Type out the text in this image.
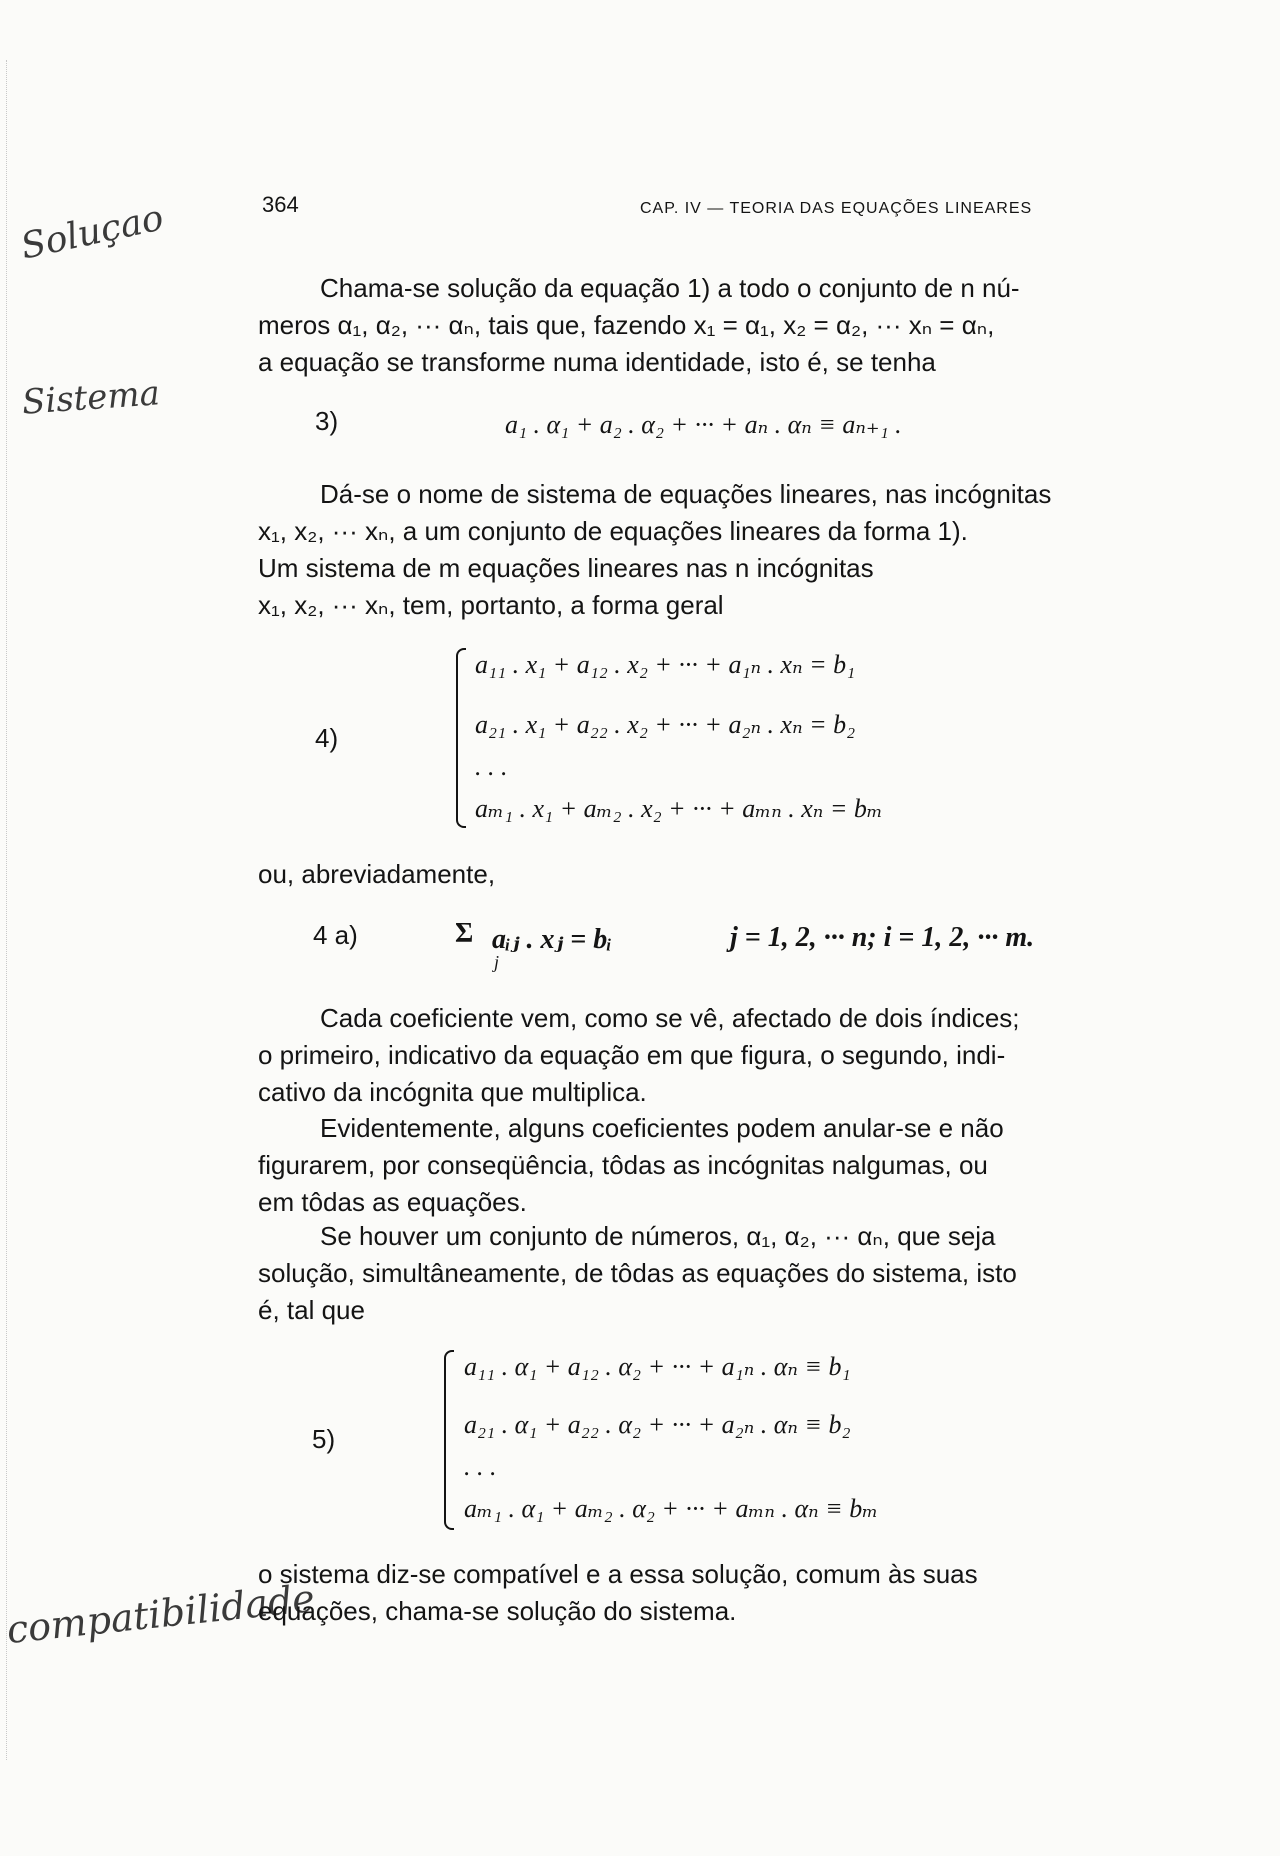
364	CAP. IV — TEORIA DAS EQUAÇÕES LINEARES
Soluçao
Sistema
compatibilidade
Chama-se solução da equação 1) a todo o conjunto de n nú-
meros α₁, α₂, ··· αₙ, tais que, fazendo x₁ = α₁, x₂ = α₂, ··· xₙ = αₙ,
a equação se transforme numa identidade, isto é, se tenha
3)	a₁ . α₁ + a₂ . α₂ + ··· + aₙ . αₙ ≡ aₙ₊₁ .
Dá-se o nome de sistema de equações lineares, nas incógnitas
x₁, x₂, ··· xₙ, a um conjunto de equações lineares da forma 1).
Um sistema de m equações lineares nas n incógnitas
x₁, x₂, ··· xₙ, tem, portanto, a forma geral
4)
a₁₁ . x₁ + a₁₂ . x₂ + ··· + a₁ₙ . xₙ = b₁
a₂₁ . x₁ + a₂₂ . x₂ + ··· + a₂ₙ . xₙ = b₂
. . .
aₘ₁ . x₁ + aₘ₂ . x₂ + ··· + aₘₙ . xₙ = bₘ
ou, abreviadamente,
4 a)	Σ
j
aᵢⱼ . xⱼ = bᵢ	j = 1, 2, ··· n; i = 1, 2, ··· m.
Cada coeficiente vem, como se vê, afectado de dois índices;
o primeiro, indicativo da equação em que figura, o segundo, indi-
cativo da incógnita que multiplica.
Evidentemente, alguns coeficientes podem anular-se e não
figurarem, por conseqüência, tôdas as incógnitas nalgumas, ou
em tôdas as equações.
Se houver um conjunto de números, α₁, α₂, ··· αₙ, que seja
solução, simultâneamente, de tôdas as equações do sistema, isto
é, tal que
5)
a₁₁ . α₁ + a₁₂ . α₂ + ··· + a₁ₙ . αₙ ≡ b₁
a₂₁ . α₁ + a₂₂ . α₂ + ··· + a₂ₙ . αₙ ≡ b₂
. . .
aₘ₁ . α₁ + aₘ₂ . α₂ + ··· + aₘₙ . αₙ ≡ bₘ
o sistema diz-se compatível e a essa solução, comum às suas
equações, chama-se solução do sistema.
